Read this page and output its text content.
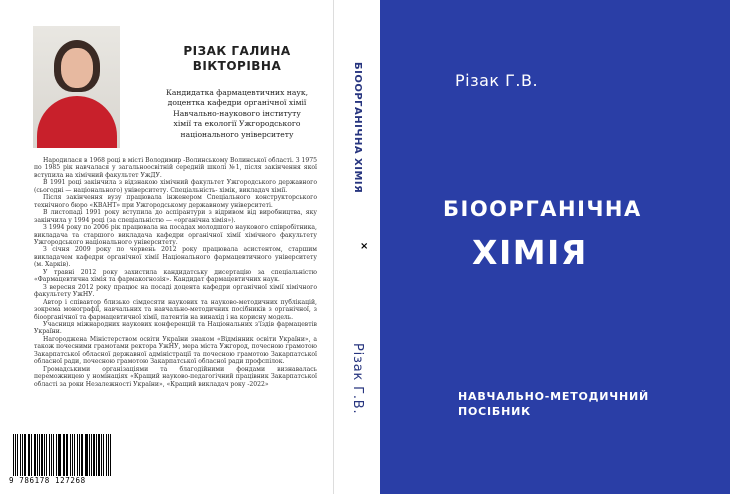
РІЗАК ГАЛИНА
ВІКТОРІВНА
Кандидатка фармацевтичних наук,
доцентка кафедри органічної хімії
Навчально-наукового інституту
хімії та екології Ужгородського
національного університету

Народилася в 1968 році в місті Володимир -Волинському Волинської області. З 1975 по 1985 рік навчалася у загальноосвітній середній школі №1, після закінчення якої вступила на хімічний факультет УжДУ.

В 1991 році закінчила з відзнакою хімічний факультет Ужгородського державного (сьогодні — національного) університету. Спеціальність- хімік, викладач хімії.

Після закінчення вузу працювала інженером Спеціального конструкторського технічного бюро «КВАНТ» при Ужгородському державному університеті.

В листопаді 1991 року вступила до аспірантури з відривом від виробництва, яку закінчила у 1994 році (за спеціальністю — «органічна хімія»).

З 1994 року по 2006 рік працювала на посадах молодшого наукового співробітника, викладача та старшого викладача кафедри органічної хімії хімічного факультету Ужгородського національного університету.

З січня 2009 року по червень 2012 року працювала асистентом, старшим викладачем кафедри органічної хімії Національного фармацевтичного університету (м. Харків).

У травні 2012 року захистила кандидатську дисертацію за спеціальністю «Фармацевтична хімія та фармакогнозія». Кандидат фармацевтичних наук.

З вересня 2012 року працює на посаді доцента кафедри органічної хімії хімічного факультету УжНУ.

Автор і співавтор близько сімдесяти наукових та науково-методичних публікацій, зокрема монографії, навчальних та навчально-методичних посібників з органічної, з біоорганічної та фармацевтичної хімії, патентів на винахід і на корисну модель.

Учасниця міжнародних наукових конференцій та Національних з'їздів фармацевтів України.

Нагороджена Міністерством освіти України знаком «Відмінник освіти України», а також почесними грамотами ректора УжНУ, мера міста Ужгород, почесною грамотою Закарпатської обласної державної адміністрації та почесною грамотою Закарпатської обласної ради, почесною грамотою Закарпатської обласної ради профспілок.

Громадськими організаціями та благодійними фондами визнавалась переможницею у номінаціях «Кращий науково-педагогічний працівник Закарпатської області за роки Незалежності України», «Кращий викладач року -2022»

9 786178 127268
БІООРГАНІЧНА ХІМІЯ
Різак Г.В.
×
Різак Г.В.
БІООРГАНІЧНА
ХІМІЯ
НАВЧАЛЬНО-МЕТОДИЧНИЙ
ПОСІБНИК
